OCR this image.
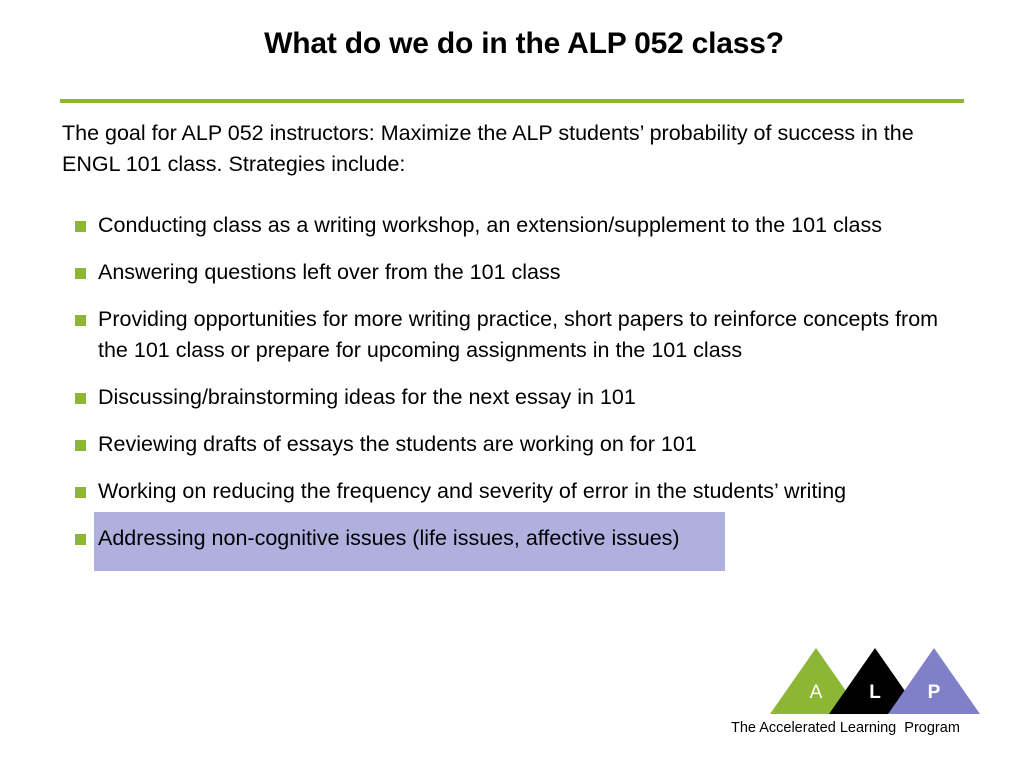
What do we do in the ALP 052 class?
The goal for ALP 052 instructors: Maximize the ALP students’ probability of success in the ENGL 101 class. Strategies include:
Conducting class as a writing workshop, an extension/supplement to the 101 class
Answering questions left over from the 101 class
Providing opportunities for more writing practice, short papers to reinforce concepts from the 101 class or prepare for upcoming assignments in the 101 class
Discussing/brainstorming ideas for the next essay in 101
Reviewing drafts of essays the students are working on for 101
Working on reducing the frequency and severity of error in the students’ writing
Addressing non-cognitive issues (life issues, affective issues)
A L P
The Accelerated Learning  Program
